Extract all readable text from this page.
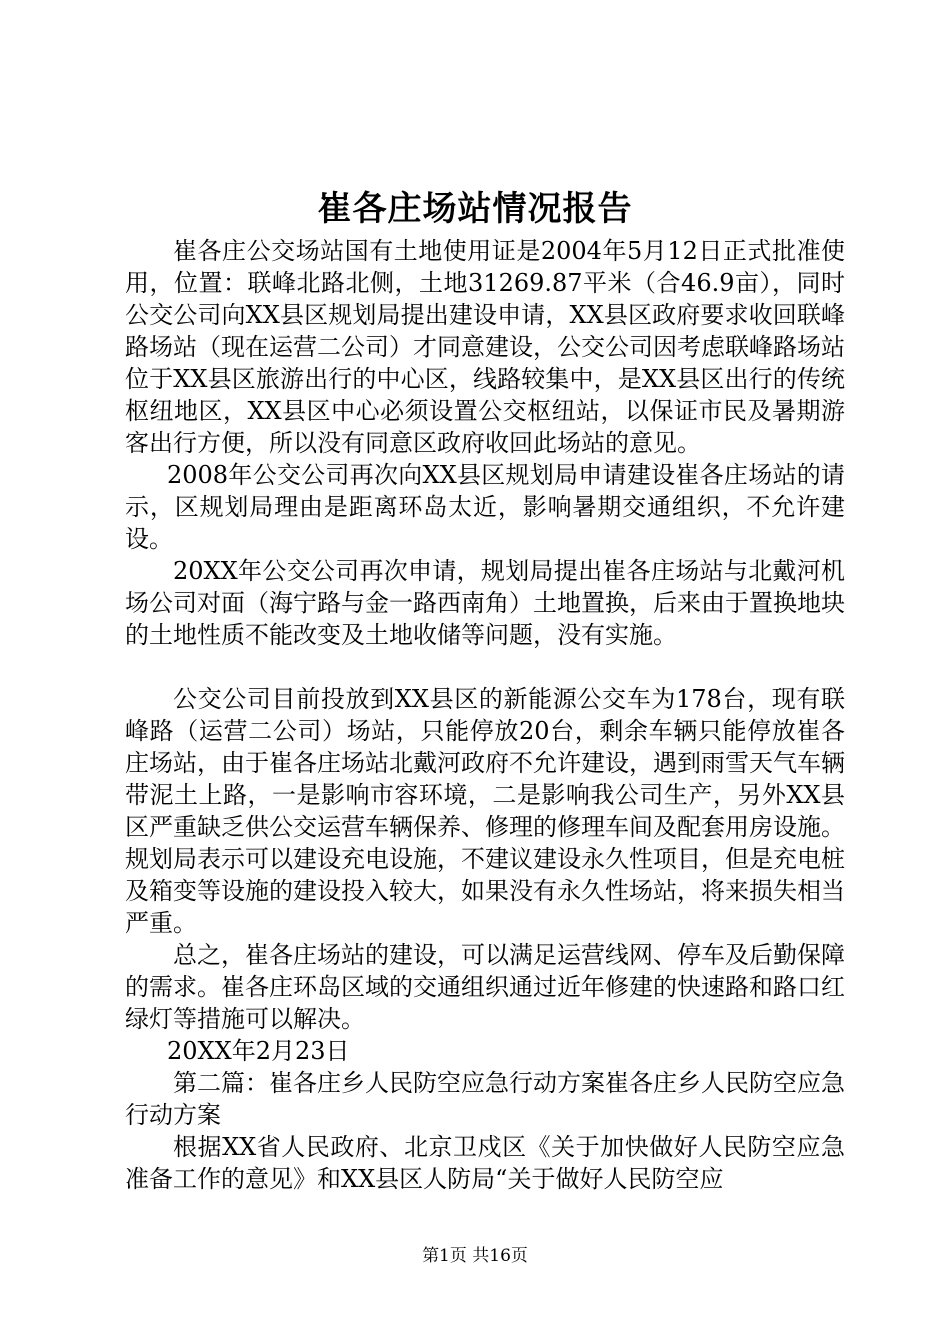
崔各庄场站情况报告

崔各庄公交场站国有土地使用证是2004年5月12日正式批准使用，位置：联峰北路北侧，土地31269.87平米（合46.9亩），同时公交公司向XX县区规划局提出建设申请，XX县区政府要求收回联峰路场站（现在运营二公司）才同意建设，公交公司因考虑联峰路场站位于XX县区旅游出行的中心区，线路较集中，是XX县区出行的传统枢纽地区，XX县区中心必须设置公交枢纽站，以保证市民及暑期游客出行方便，所以没有同意区政府收回此场站的意见。

2008年公交公司再次向XX县区规划局申请建设崔各庄场站的请示，区规划局理由是距离环岛太近，影响暑期交通组织，不允许建设。

20XX年公交公司再次申请，规划局提出崔各庄场站与北戴河机场公司对面（海宁路与金一路西南角）土地置换，后来由于置换地块的土地性质不能改变及土地收储等问题，没有实施。

公交公司目前投放到XX县区的新能源公交车为178台，现有联峰路（运营二公司）场站，只能停放20台，剩余车辆只能停放崔各庄场站，由于崔各庄场站北戴河政府不允许建设，遇到雨雪天气车辆带泥土上路，一是影响市容环境，二是影响我公司生产，另外XX县区严重缺乏供公交运营车辆保养、修理的修理车间及配套用房设施。规划局表示可以建设充电设施，不建议建设永久性项目，但是充电桩及箱变等设施的建设投入较大，如果没有永久性场站，将来损失相当严重。

总之，崔各庄场站的建设，可以满足运营线网、停车及后勤保障的需求。崔各庄环岛区域的交通组织通过近年修建的快速路和路口红绿灯等措施可以解决。

20XX年2月23日

第二篇：崔各庄乡人民防空应急行动方案崔各庄乡人民防空应急行动方案

根据XX省人民政府、北京卫戍区《关于加快做好人民防空应急准备工作的意见》和XX县区人防局“关于做好人民防空应

第1页 共16页
